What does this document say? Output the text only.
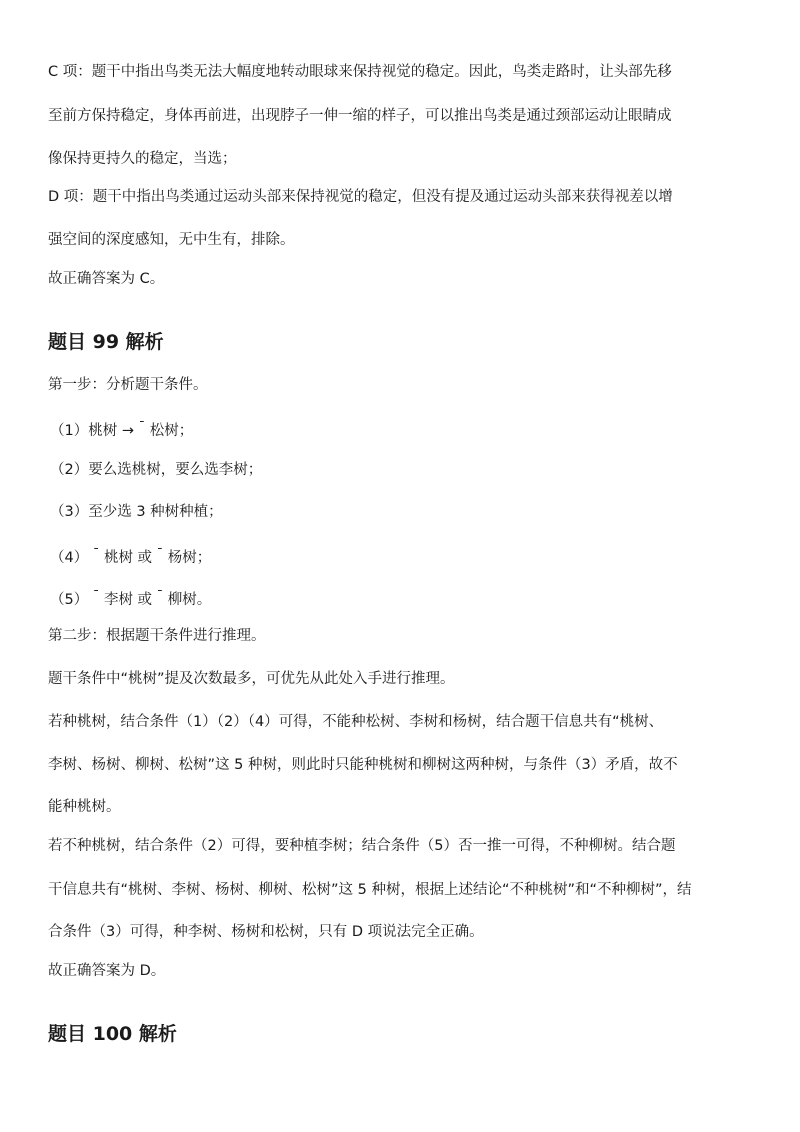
C 项：题干中指出鸟类无法大幅度地转动眼球来保持视觉的稳定。因此，鸟类走路时，让头部先移
至前方保持稳定，身体再前进，出现脖子一伸一缩的样子，可以推出鸟类是通过颈部运动让眼睛成
像保持更持久的稳定，当选；
D 项：题干中指出鸟类通过运动头部来保持视觉的稳定，但没有提及通过运动头部来获得视差以增
强空间的深度感知，无中生有，排除。
故正确答案为 C。
题目 99 解析
第一步：分析题干条件。
（1）桃树 → ¯ 松树；
（2）要么选桃树，要么选李树；
（3）至少选 3 种树种植；
（4） ¯ 桃树 或 ¯ 杨树；
（5） ¯ 李树 或 ¯ 柳树。
第二步：根据题干条件进行推理。
题干条件中“桃树”提及次数最多，可优先从此处入手进行推理。
若种桃树，结合条件（1）（2）（4）可得，不能种松树、李树和杨树，结合题干信息共有“桃树、
李树、杨树、柳树、松树”这 5 种树，则此时只能种桃树和柳树这两种树，与条件（3）矛盾，故不
能种桃树。
若不种桃树，结合条件（2）可得，要种植李树；结合条件（5）否一推一可得，不种柳树。结合题
干信息共有“桃树、李树、杨树、柳树、松树”这 5 种树，根据上述结论“不种桃树”和“不种柳树”，结
合条件（3）可得，种李树、杨树和松树，只有 D 项说法完全正确。
故正确答案为 D。
题目 100 解析
